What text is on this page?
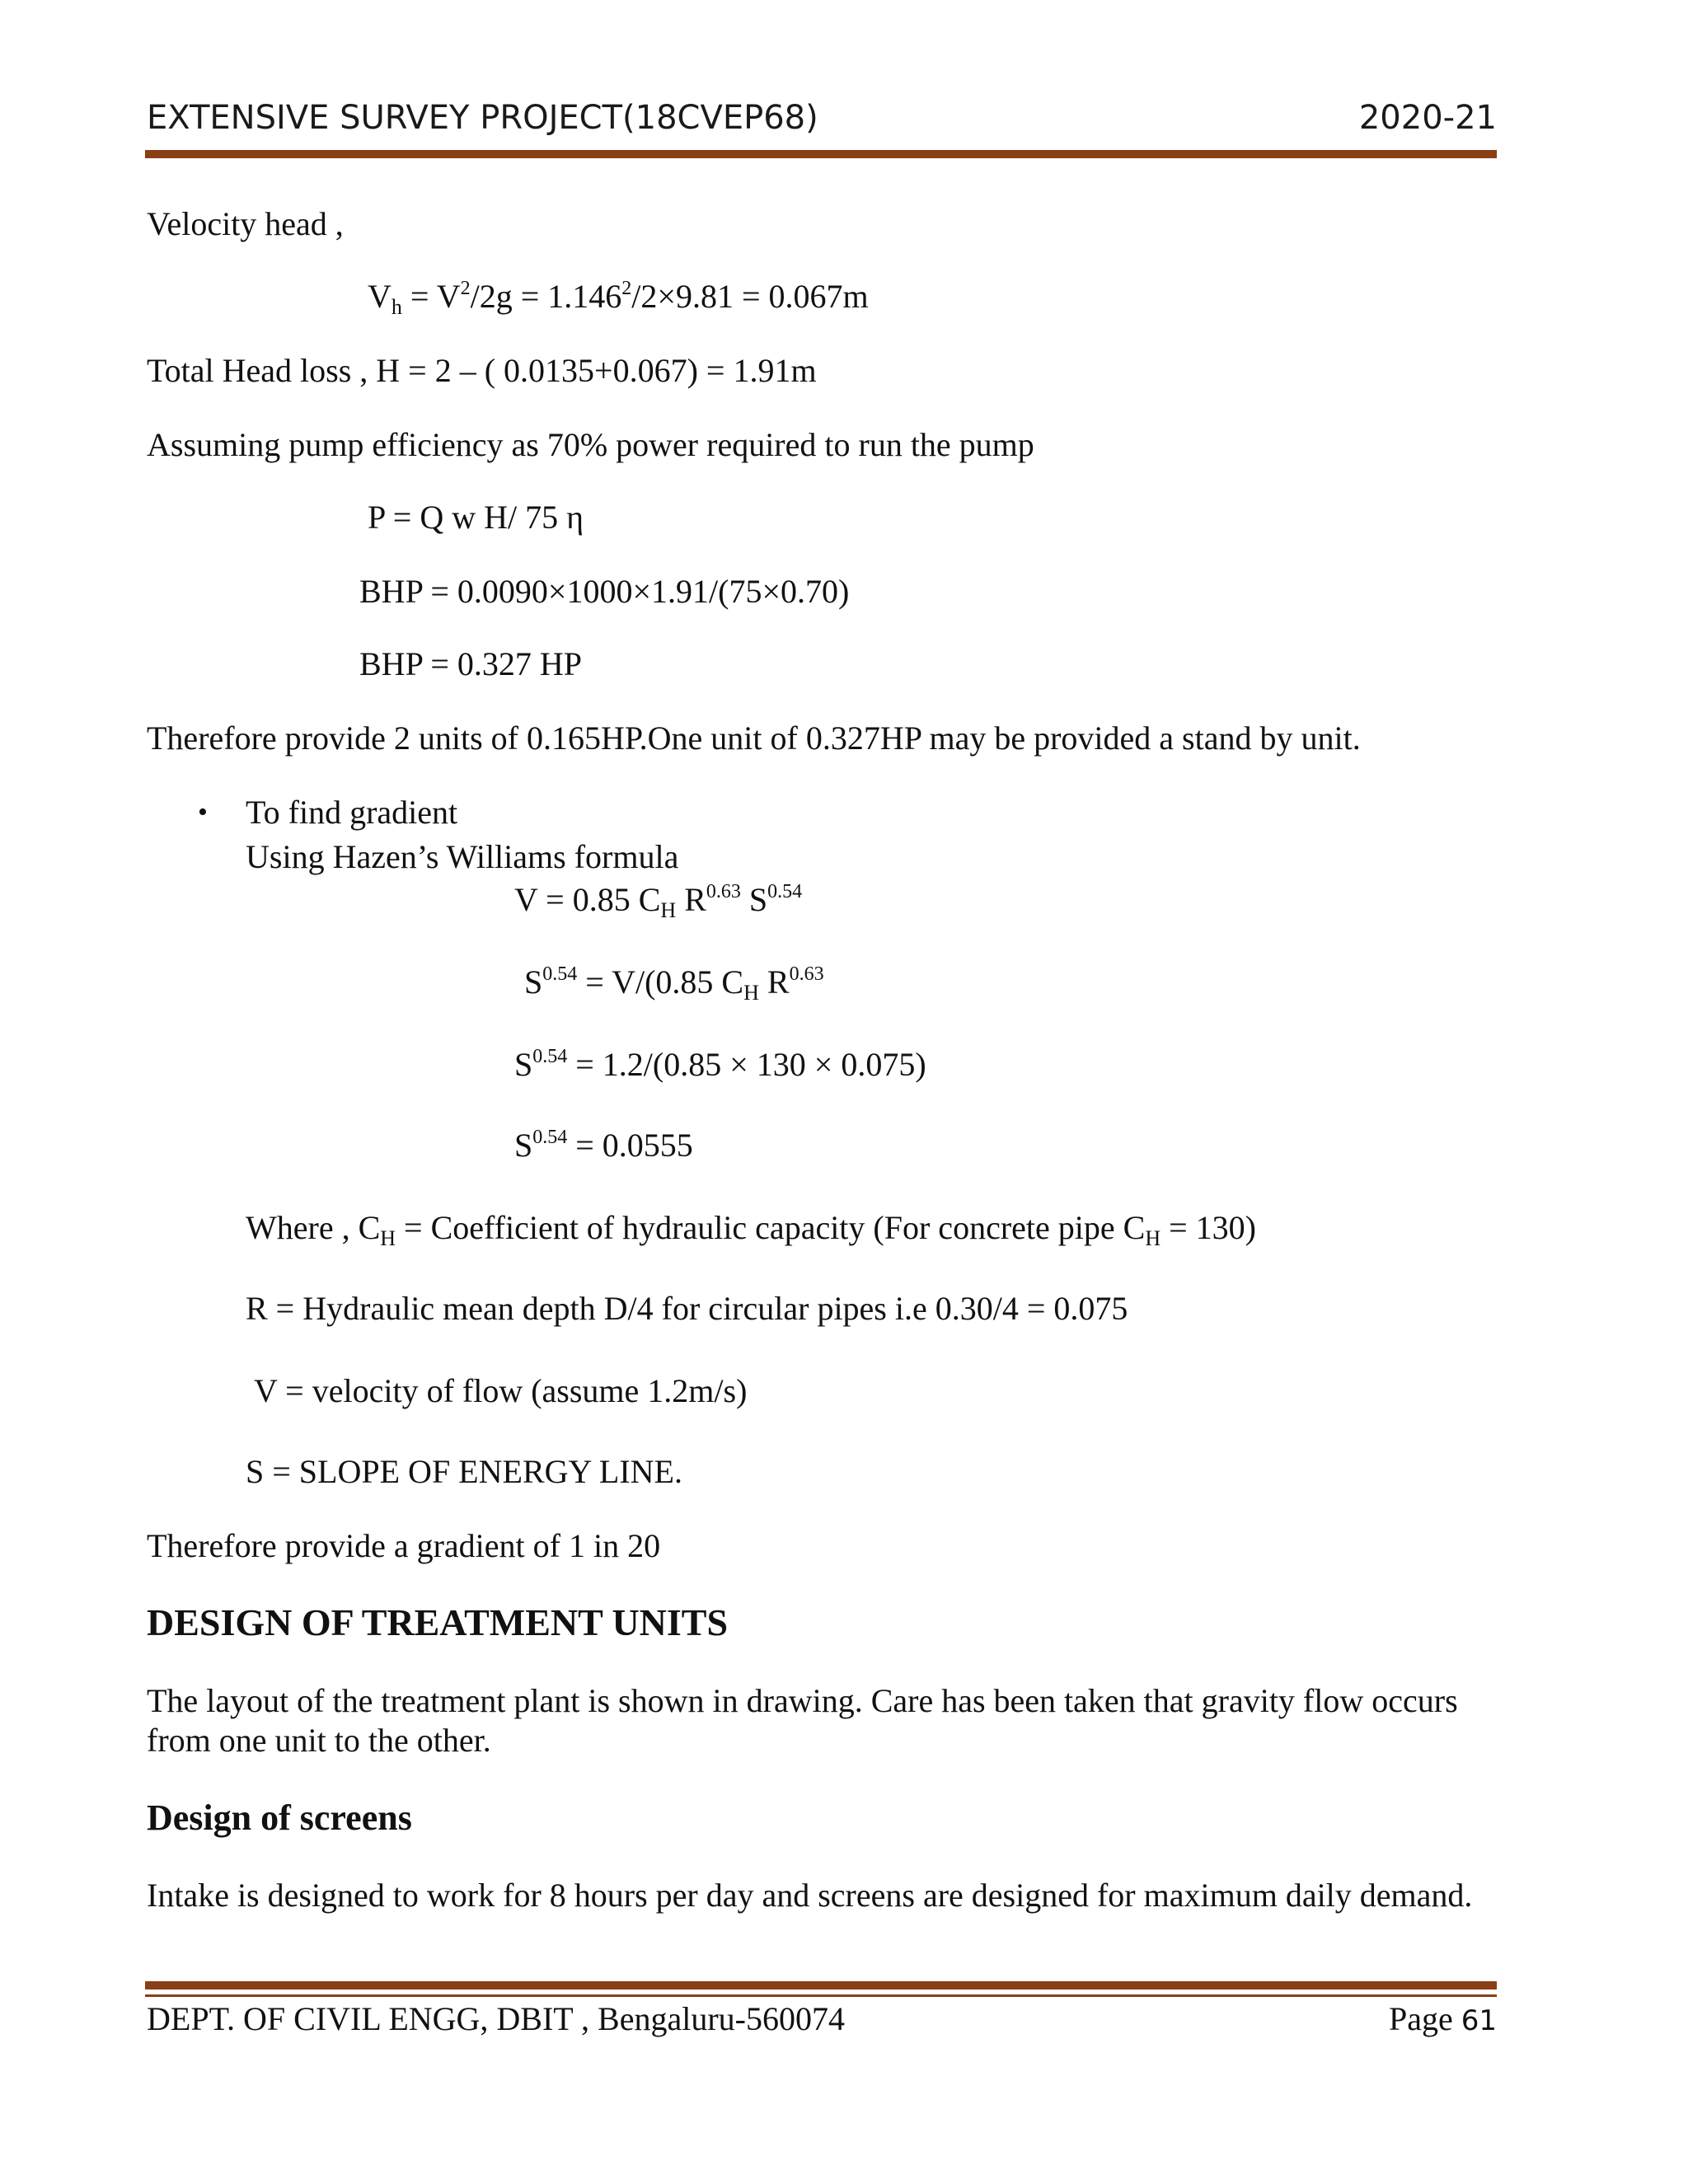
EXTENSIVE SURVEY PROJECT(18CVEP68)	2020-21
Velocity head ,
$V_h = V^2/2g = 1.146^2/2\times 9.81 = 0.067m$
Total Head loss , H = 2 – ( 0.0135+0.067) = 1.91m
Assuming pump efficiency as 70% power required to run the pump
P = Q w H/ 75 η
BHP = 0.0090×1000×1.91/(75×0.70)
BHP = 0.327 HP
Therefore provide 2 units of 0.165HP.One unit of 0.327HP may be provided a stand by unit.
• To find gradient
Using Hazen’s Williams formula
V = 0.85 $C_H$ $R^{0.63}$ $S^{0.54}$
$S^{0.54} = V/(0.85$ $C_H$ $R^{0.63}$
$S^{0.54} = 1.2/(0.85 \times 130 \times 0.075)$
$S^{0.54} = 0.0555$
Where , $C_H$ = Coefficient of hydraulic capacity (For concrete pipe $C_H = 130$)
R = Hydraulic mean depth D/4 for circular pipes i.e 0.30/4 = 0.075
V = velocity of flow (assume 1.2m/s)
S = SLOPE OF ENERGY LINE.
Therefore provide a gradient of 1 in 20
DESIGN OF TREATMENT UNITS
The layout of the treatment plant is shown in drawing. Care has been taken that gravity flow occurs
from one unit to the other.
Design of screens
Intake is designed to work for 8 hours per day and screens are designed for maximum daily demand.
DEPT. OF CIVIL ENGG, DBIT , Bengaluru-560074	Page 61
